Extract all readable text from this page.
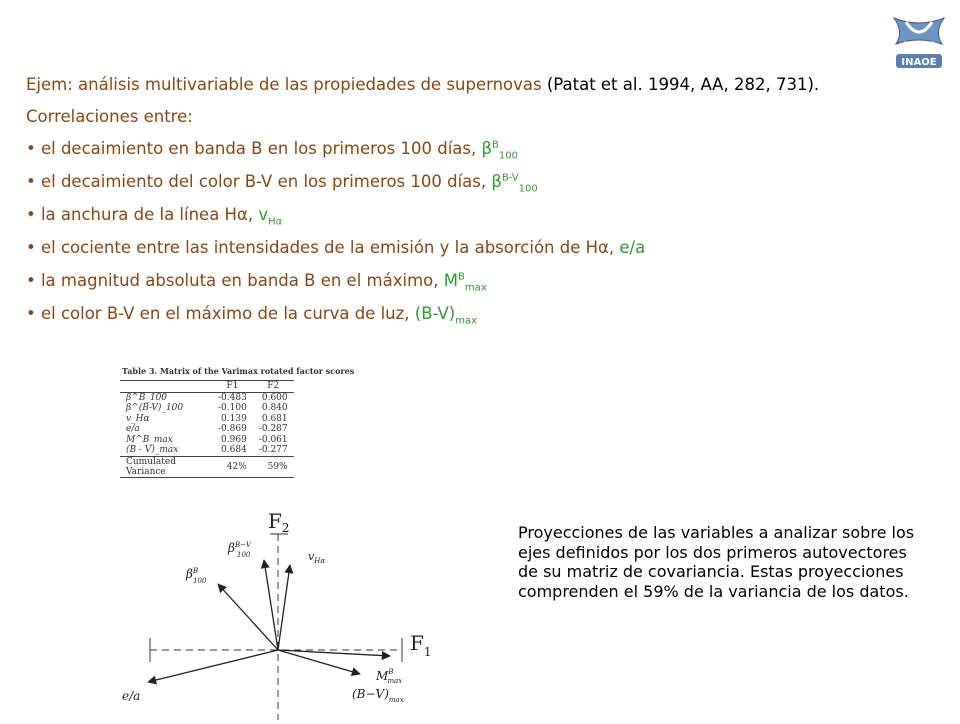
INAOE

Ejem: análisis multivariable de las propiedades de supernovas (Patat et al. 1994, AA, 282, 731).

Correlaciones entre:

• el decaimiento en banda B en los primeros 100 días, $\beta^B_{100}$
• el decaimiento del color B-V en los primeros 100 días, $\beta^{B-V}_{100}$
• la anchura de la línea Hα, $v_{H\alpha}$
• el cociente entre las intensidades de la emisión y la absorción de Hα, e/a
• la magnitud absoluta en banda B en el máximo, $M^B_{max}$
• el color B-V en el máximo de la curva de luz, $(B-V)_{max}$
Table 3. Matrix of the Varimax rotated factor scores
	F1	F2
β^B_100	-0.483	0.600
β^(B-V)_100	-0.100	0.840
v_Hα	0.139	0.681
e/a	-0.869	-0.287
M^B_max	0.969	-0.061
(B - V)_max	0.684	-0.277
Cumulated Variance	42%	59%
$F_2$
$F_1$
$\beta^{B-V}$ 100
$\beta^B$ 100
$v_{H\alpha}$
e/a
$M^B$ max
$(B-V)_{max}$
Proyecciones de las variables a analizar sobre los ejes definidos por los dos primeros autovectores de su matriz de covariancia. Estas proyecciones comprenden el 59% de la variancia de los datos.
